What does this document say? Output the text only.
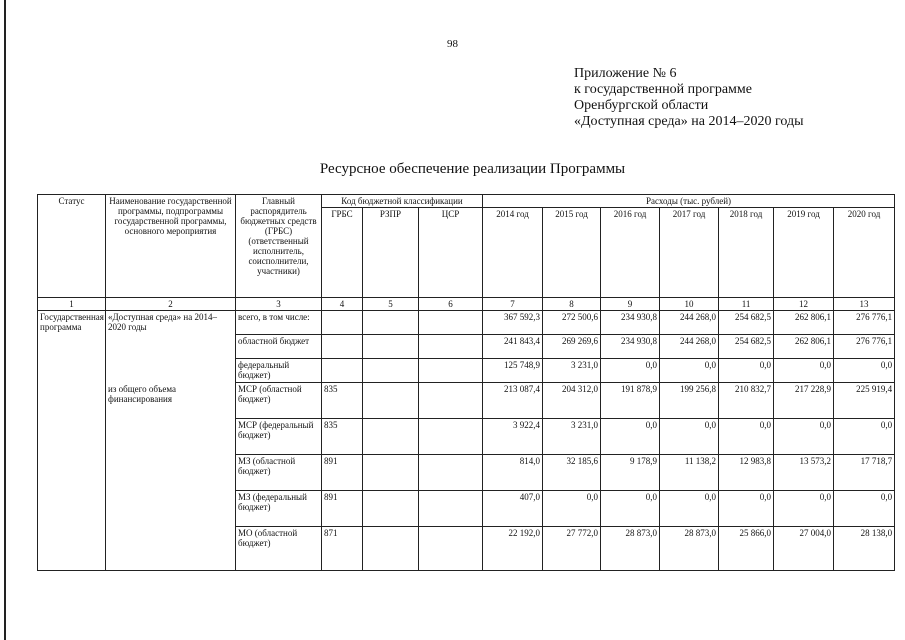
98
Приложение № 6
к государственной программе
Оренбургской области
«Доступная среда» на 2014–2020 годы
Ресурсное обеспечение реализации Программы
Статус	Наименование государственной программы, подпрограммы государственной программы, основного мероприятия	Главный распорядитель бюджетных средств (ГРБС) (ответственный исполнитель, соисполнители, участники)	Код бюджетной классификации			Расходы (тыс. рублей)						
			ГРБС	РЗПР	ЦСР	2014 год	2015 год	2016 год	2017 год	2018 год	2019 год	2020 год
1	2	3	4	5	6	7	8	9	10	11	12	13
Государственная программа	«Доступная среда» на 2014–2020 годы	всего, в том числе:				367 592,3	272 500,6	234 930,8	244 268,0	254 682,5	262 806,1	276 776,1
		областной бюджет				241 843,4	269 269,6	234 930,8	244 268,0	254 682,5	262 806,1	276 776,1
		федеральный бюджет)				125 748,9	3 231,0	0,0	0,0	0,0	0,0	0,0
	из общего объема финансирования	МСР (областной бюджет)	835			213 087,4	204 312,0	191 878,9	199 256,8	210 832,7	217 228,9	225 919,4
		МСР (федеральный бюджет)	835			3 922,4	3 231,0	0,0	0,0	0,0	0,0	0,0
		МЗ (областной бюджет)	891			814,0	32 185,6	9 178,9	11 138,2	12 983,8	13 573,2	17 718,7
		МЗ (федеральный бюджет)	891			407,0	0,0	0,0	0,0	0,0	0,0	0,0
		МО (областной бюджет)	871			22 192,0	27 772,0	28 873,0	28 873,0	25 866,0	27 004,0	28 138,0
